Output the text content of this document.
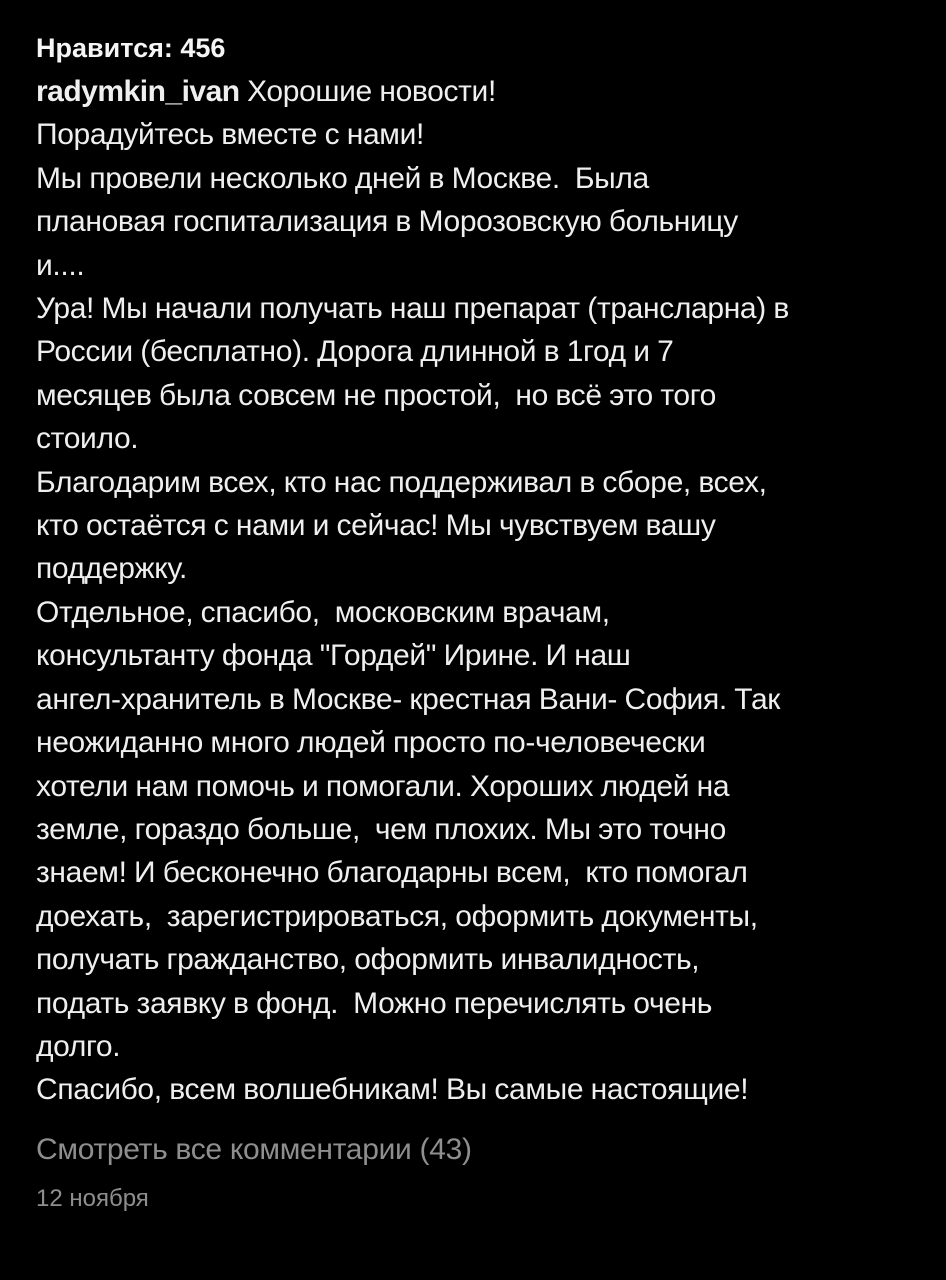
Нравится: 456
radymkin_ivan Хорошие новости!
Порадуйтесь вместе с нами!
Мы провели несколько дней в Москве.  Была
плановая госпитализация в Морозовскую больницу
и....
Ура! Мы начали получать наш препарат (трансларна) в
России (бесплатно). Дорога длинной в 1год и 7
месяцев была совсем не простой,  но всё это того
стоило.
Благодарим всех, кто нас поддерживал в сборе, всех,
кто остаётся с нами и сейчас! Мы чувствуем вашу
поддержку.
Отдельное, спасибо,  московским врачам,
консультанту фонда "Гордей" Ирине. И наш
ангел-хранитель в Москве- крестная Вани- София. Так
неожиданно много людей просто по-человечески
хотели нам помочь и помогали. Хороших людей на
земле, гораздо больше,  чем плохих. Мы это точно
знаем! И бесконечно благодарны всем,  кто помогал
доехать,  зарегистрироваться, оформить документы,
получать гражданство, оформить инвалидность,
подать заявку в фонд.  Можно перечислять очень
долго.
Спасибо, всем волшебникам! Вы самые настоящие!
Смотреть все комментарии (43)
12 ноября
